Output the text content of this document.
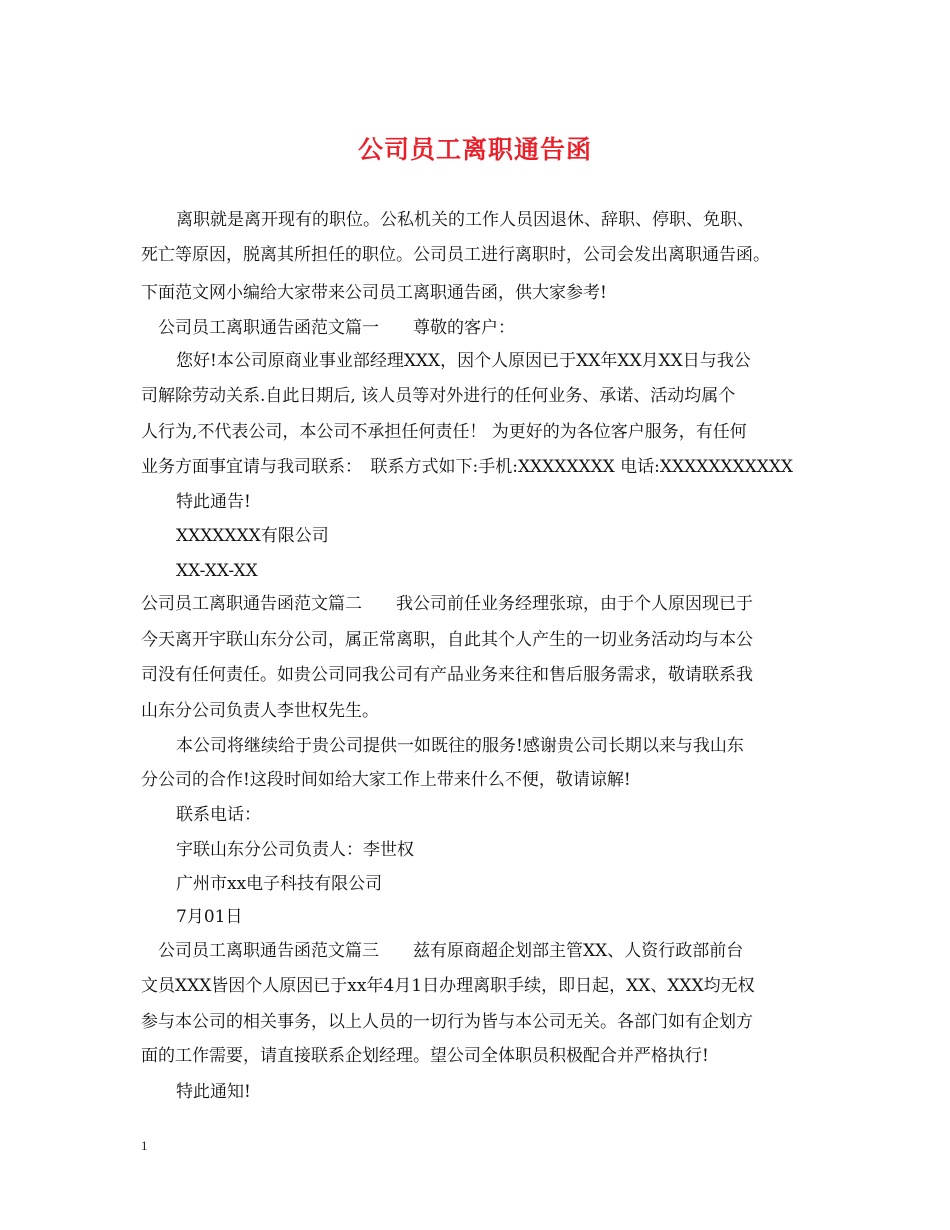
公司员工离职通告函
离职就是离开现有的职位。公私机关的工作人员因退休、辞职、停职、免职、
死亡等原因，脱离其所担任的职位。公司员工进行离职时，公司会发出离职通告函。
下面范文网小编给大家带来公司员工离职通告函，供大家参考!
公司员工离职通告函范文篇一　　尊敬的客户：
您好!本公司原商业事业部经理XXX，因个人原因已于XX年XX月XX日与我公
司解除劳动关系.自此日期后, 该人员等对外进行的任何业务、承诺、活动均属个
人行为,不代表公司，本公司不承担任何责任！ 为更好的为各位客户服务，有任何
业务方面事宜请与我司联系：　联系方式如下:手机:XXXXXXXX 电话:XXXXXXXXXXX
特此通告!
XXXXXXX有限公司
XX-XX-XX
公司员工离职通告函范文篇二　　我公司前任业务经理张琼，由于个人原因现已于
今天离开宇联山东分公司，属正常离职，自此其个人产生的一切业务活动均与本公
司没有任何责任。如贵公司同我公司有产品业务来往和售后服务需求，敬请联系我
山东分公司负责人李世权先生。
本公司将继续给于贵公司提供一如既往的服务!感谢贵公司长期以来与我山东
分公司的合作!这段时间如给大家工作上带来什么不便，敬请谅解!
联系电话：
宇联山东分公司负责人：李世权
广州市xx电子科技有限公司
7月01日
公司员工离职通告函范文篇三　　兹有原商超企划部主管XX、人资行政部前台
文员XXX皆因个人原因已于xx年4月1日办理离职手续，即日起，XX、XXX均无权
参与本公司的相关事务，以上人员的一切行为皆与本公司无关。各部门如有企划方
面的工作需要，请直接联系企划经理。望公司全体职员积极配合并严格执行!
特此通知!
1
